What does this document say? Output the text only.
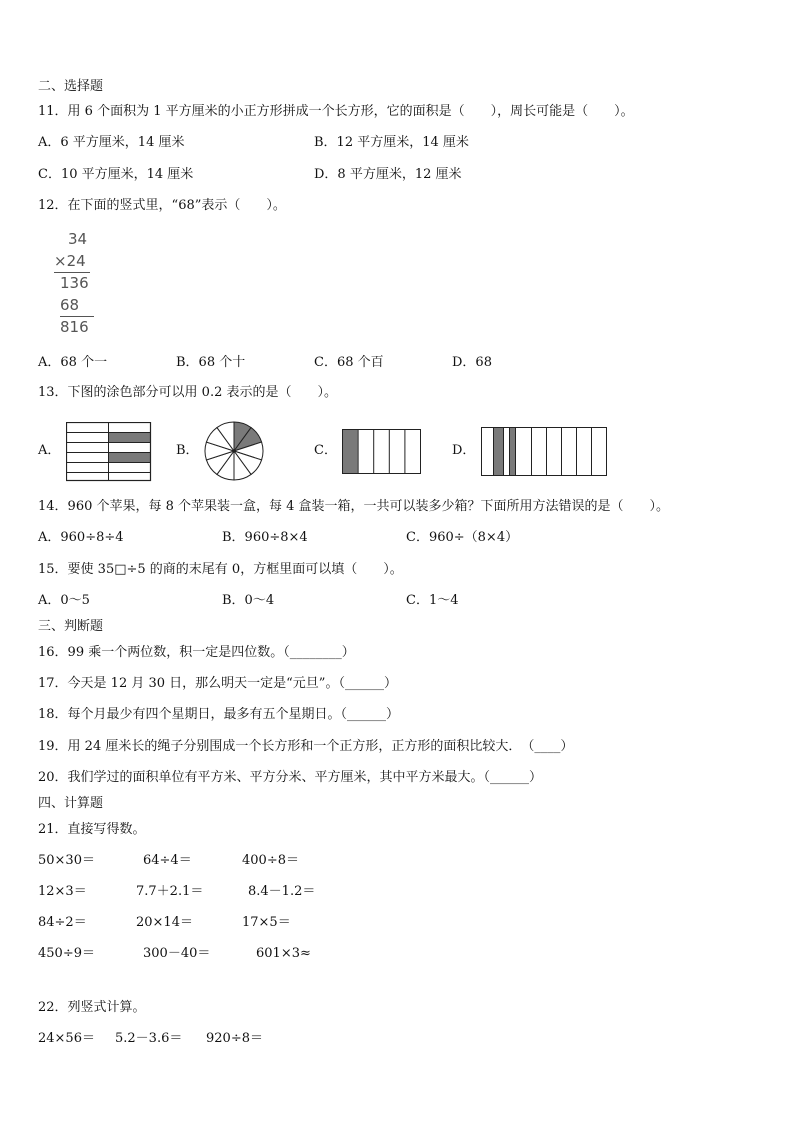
二、选择题
11．用 6 个面积为 1 平方厘米的小正方形拼成一个长方形，它的面积是（　　），周长可能是（　　）。
A．6 平方厘米，14 厘米	B．12 平方厘米，14 厘米
C．10 平方厘米，14 厘米	D．8 平方厘米，12 厘米
12．在下面的竖式里，“68”表示（　　）。
34
×24
136
68
816
A．68 个一	B．68 个十	C．68 个百	D．68
13．下图的涂色部分可以用 0.2 表示的是（　　）。
A．	B．	C．	D．
14．960 个苹果，每 8 个苹果装一盒，每 4 盒装一箱，一共可以装多少箱？下面所用方法错误的是（　　）。
A．960÷8÷4	B．960÷8×4	C．960÷（8×4）
15．要使 35□÷5 的商的末尾有 0，方框里面可以填（　　）。
A．0～5	B．0～4	C．1～4
三、判断题
16．99 乘一个两位数，积一定是四位数。（________）
17．今天是 12 月 30 日，那么明天一定是“元旦”。（______）
18．每个月最少有四个星期日，最多有五个星期日。（______）
19．用 24 厘米长的绳子分别围成一个长方形和一个正方形，正方形的面积比较大．　（____）
20．我们学过的面积单位有平方米、平方分米、平方厘米，其中平方米最大。（______）
四、计算题
21．直接写得数。
50×30＝	64÷4＝	400÷8＝
12×3＝	7.7＋2.1＝	8.4－1.2＝
84÷2＝	20×14＝	17×5＝
450÷9＝	300－40＝	601×3≈
22．列竖式计算。
24×56＝ 5.2－3.6＝ 920÷8＝
